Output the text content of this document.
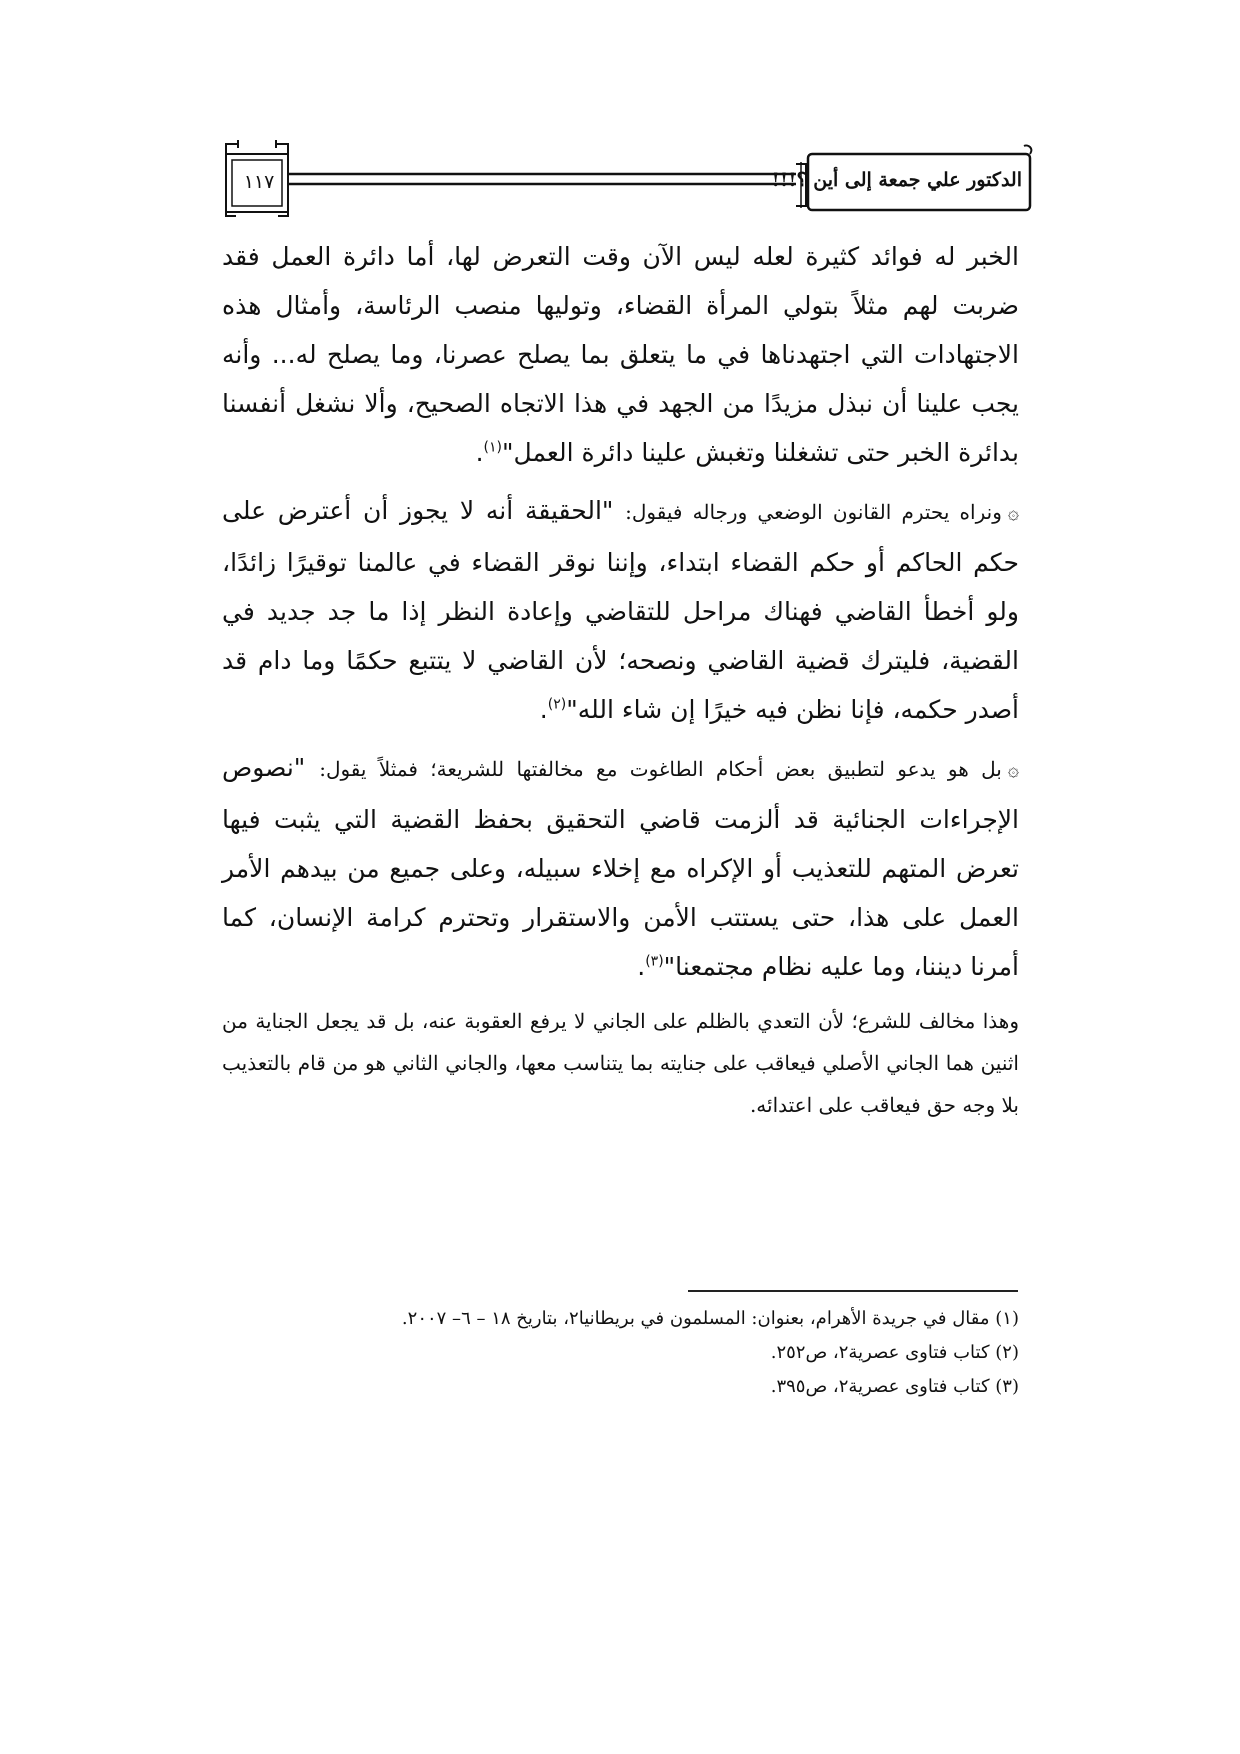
الدكتور علي جمعة إلى أين ؟!!!
١١٧

الخبر له فوائد كثيرة لعله ليس الآن وقت التعرض لها، أما دائرة العمل فقد ضربت لهم مثلاً بتولي المرأة القضاء، وتوليها منصب الرئاسة، وأمثال هذه الاجتهادات التي اجتهدناها في ما يتعلق بما يصلح عصرنا، وما يصلح له... وأنه يجب علينا أن نبذل مزيدًا من الجهد في هذا الاتجاه الصحيح، وألا نشغل أنفسنا بدائرة الخبر حتى تشغلنا وتغبش علينا دائرة العمل"$^{(١)}$.

۞ونراه يحترم القانون الوضعي ورجاله فيقول: "الحقيقة أنه لا يجوز أن أعترض على حكم الحاكم أو حكم القضاء ابتداء، وإننا نوقر القضاء في عالمنا توقيرًا زائدًا، ولو أخطأ القاضي فهناك مراحل للتقاضي وإعادة النظر إذا ما جد جديد في القضية، فليترك قضية القاضي ونصحه؛ لأن القاضي لا يتتبع حكمًا وما دام قد أصدر حكمه، فإنا نظن فيه خيرًا إن شاء الله"$^{(٢)}$.

۞بل هو يدعو لتطبيق بعض أحكام الطاغوت مع مخالفتها للشريعة؛ فمثلاً يقول: "نصوص الإجراءات الجنائية قد ألزمت قاضي التحقيق بحفظ القضية التي يثبت فيها تعرض المتهم للتعذيب أو الإكراه مع إخلاء سبيله، وعلى جميع من بيدهم الأمر العمل على هذا، حتى يستتب الأمن والاستقرار وتحترم كرامة الإنسان، كما أمرنا ديننا، وما عليه نظام مجتمعنا"$^{(٣)}$.

وهذا مخالف للشرع؛ لأن التعدي بالظلم على الجاني لا يرفع العقوبة عنه، بل قد يجعل الجناية من اثنين هما الجاني الأصلي فيعاقب على جنايته بما يتناسب معها، والجاني الثاني هو من قام بالتعذيب بلا وجه حق فيعاقب على اعتدائه.

(١) مقال في جريدة الأهرام، بعنوان: المسلمون في بريطانيا٢، بتاريخ ١٨ – ٦– ٢٠٠٧.

(٢) كتاب فتاوى عصرية٢، ص٢٥٢.

(٣) كتاب فتاوى عصرية٢، ص٣٩٥.
